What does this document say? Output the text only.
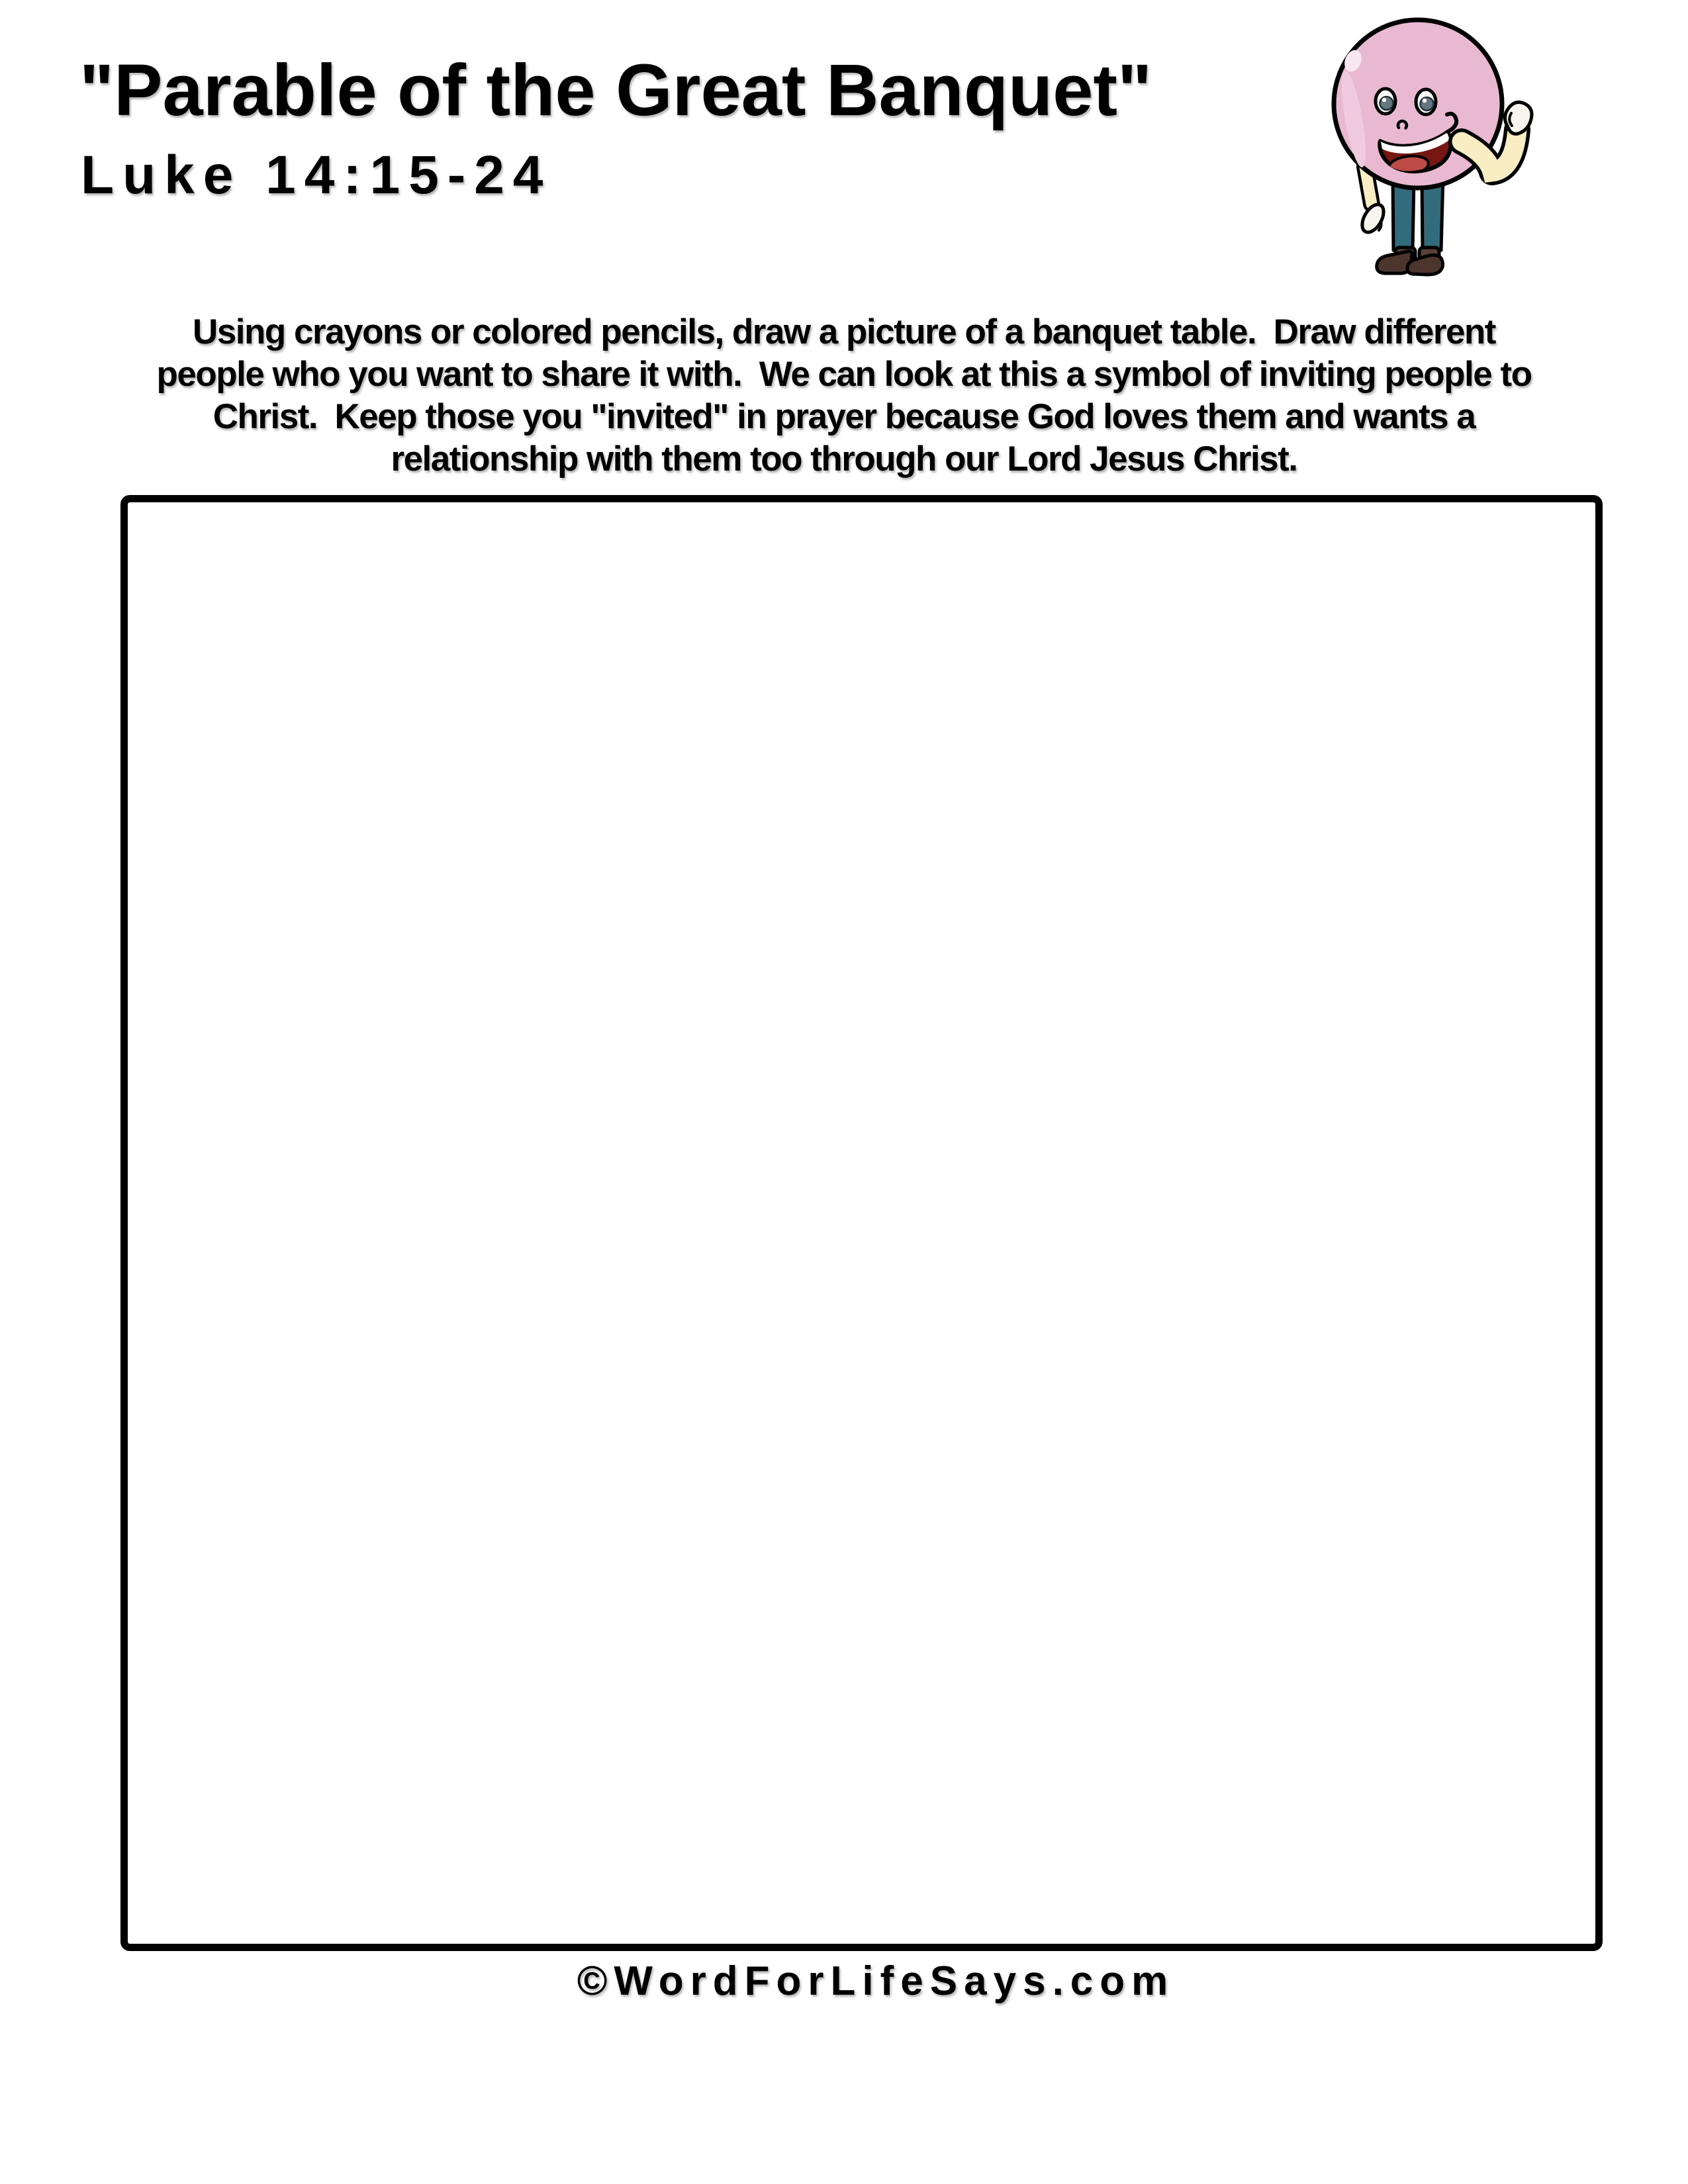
"Parable of the Great Banquet"
Luke 14:15-24
Using crayons or colored pencils, draw a picture of a banquet table.  Draw different
people who you want to share it with.  We can look at this a symbol of inviting people to
Christ.  Keep those you "invited" in prayer because God loves them and wants a
relationship with them too through our Lord Jesus Christ.
©WordForLifeSays.com
